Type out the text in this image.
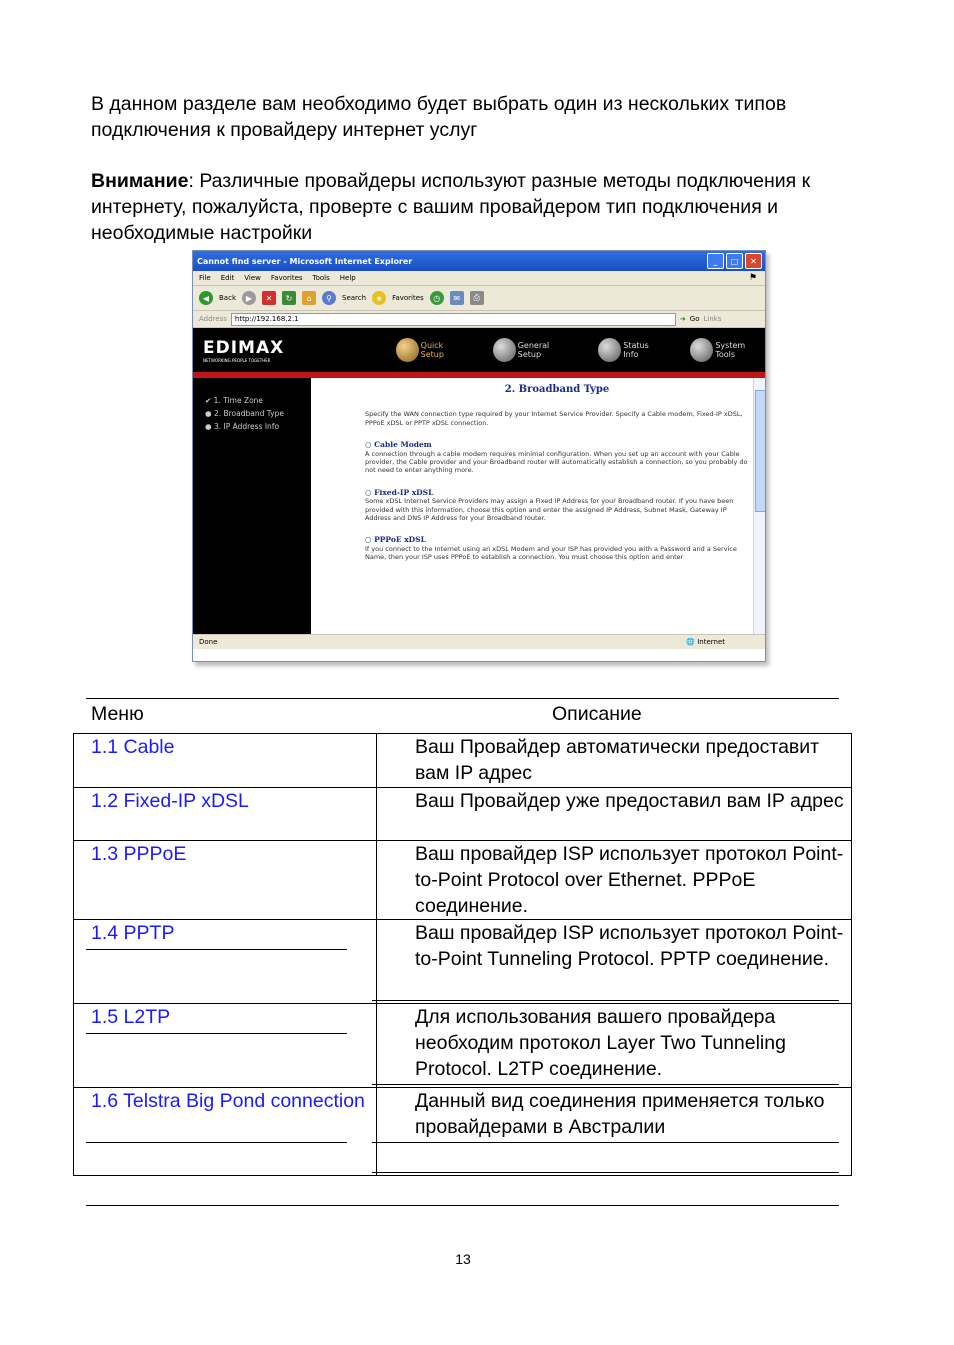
В данном разделе вам необходимо будет выбрать один из нескольких типов подключения к провайдеру интернет услуг

Внимание: Различные провайдеры используют разные методы подключения к интернету, пожалуйста, проверте с вашим провайдером тип подключения и необходимые настройки

Cannot find server - Microsoft Internet Explorer	_	□	✕
File Edit View Favorites Tools Help	⚑
◀	Back	▶	✕	↻	⌂	⚲	Search	★	Favorites	◷	✉	⎙
Address	http://192.168.2.1	➔ Go Links
EDIMAX
NETWORKING PEOPLE TOGETHER
Quick Setup
General Setup
Status Info
System Tools
✔ 1. Time Zone
● 2. Broadband Type
● 3. IP Address Info
2. Broadband Type
Specify the WAN connection type required by your Internet Service Provider. Specify a Cable modem, Fixed-IP xDSL, PPPoE xDSL or PPTP xDSL connection.
○ Cable Modem
A connection through a cable modem requires minimal configuration. When you set up an account with your Cable provider, the Cable provider and your Broadband router will automatically establish a connection, so you probably do not need to enter anything more.
○ Fixed-IP xDSL
Some xDSL Internet Service Providers may assign a Fixed IP Address for your Broadband router. If you have been provided with this information, choose this option and enter the assigned IP Address, Subnet Mask, Gateway IP Address and DNS IP Address for your Broadband router.
○ PPPoE xDSL
If you connect to the Internet using an xDSL Modem and your ISP has provided you with a Password and a Service Name, then your ISP uses PPPoE to establish a connection. You must choose this option and enter
Done	🌐 Internet
Меню	Описание
1.1 Cable	Ваш Провайдер автоматически предоставит вам IP адрес
1.2 Fixed-IP xDSL	Ваш Провайдер уже предоставил вам IP адрес
1.3 PPPoE	Ваш провайдер ISP использует протокол Point-to-Point Protocol over Ethernet. PPPoE соединение.
1.4 PPTP	Ваш провайдер ISP использует протокол Point-to-Point Tunneling Protocol. PPTP соединение.
1.5 L2TP	Для использования вашего провайдера необходим протокол Layer Two Tunneling Protocol. L2TP соединение.
1.6 Telstra Big Pond connection	Данный вид соединения применяется только провайдерами в Австралии
13
